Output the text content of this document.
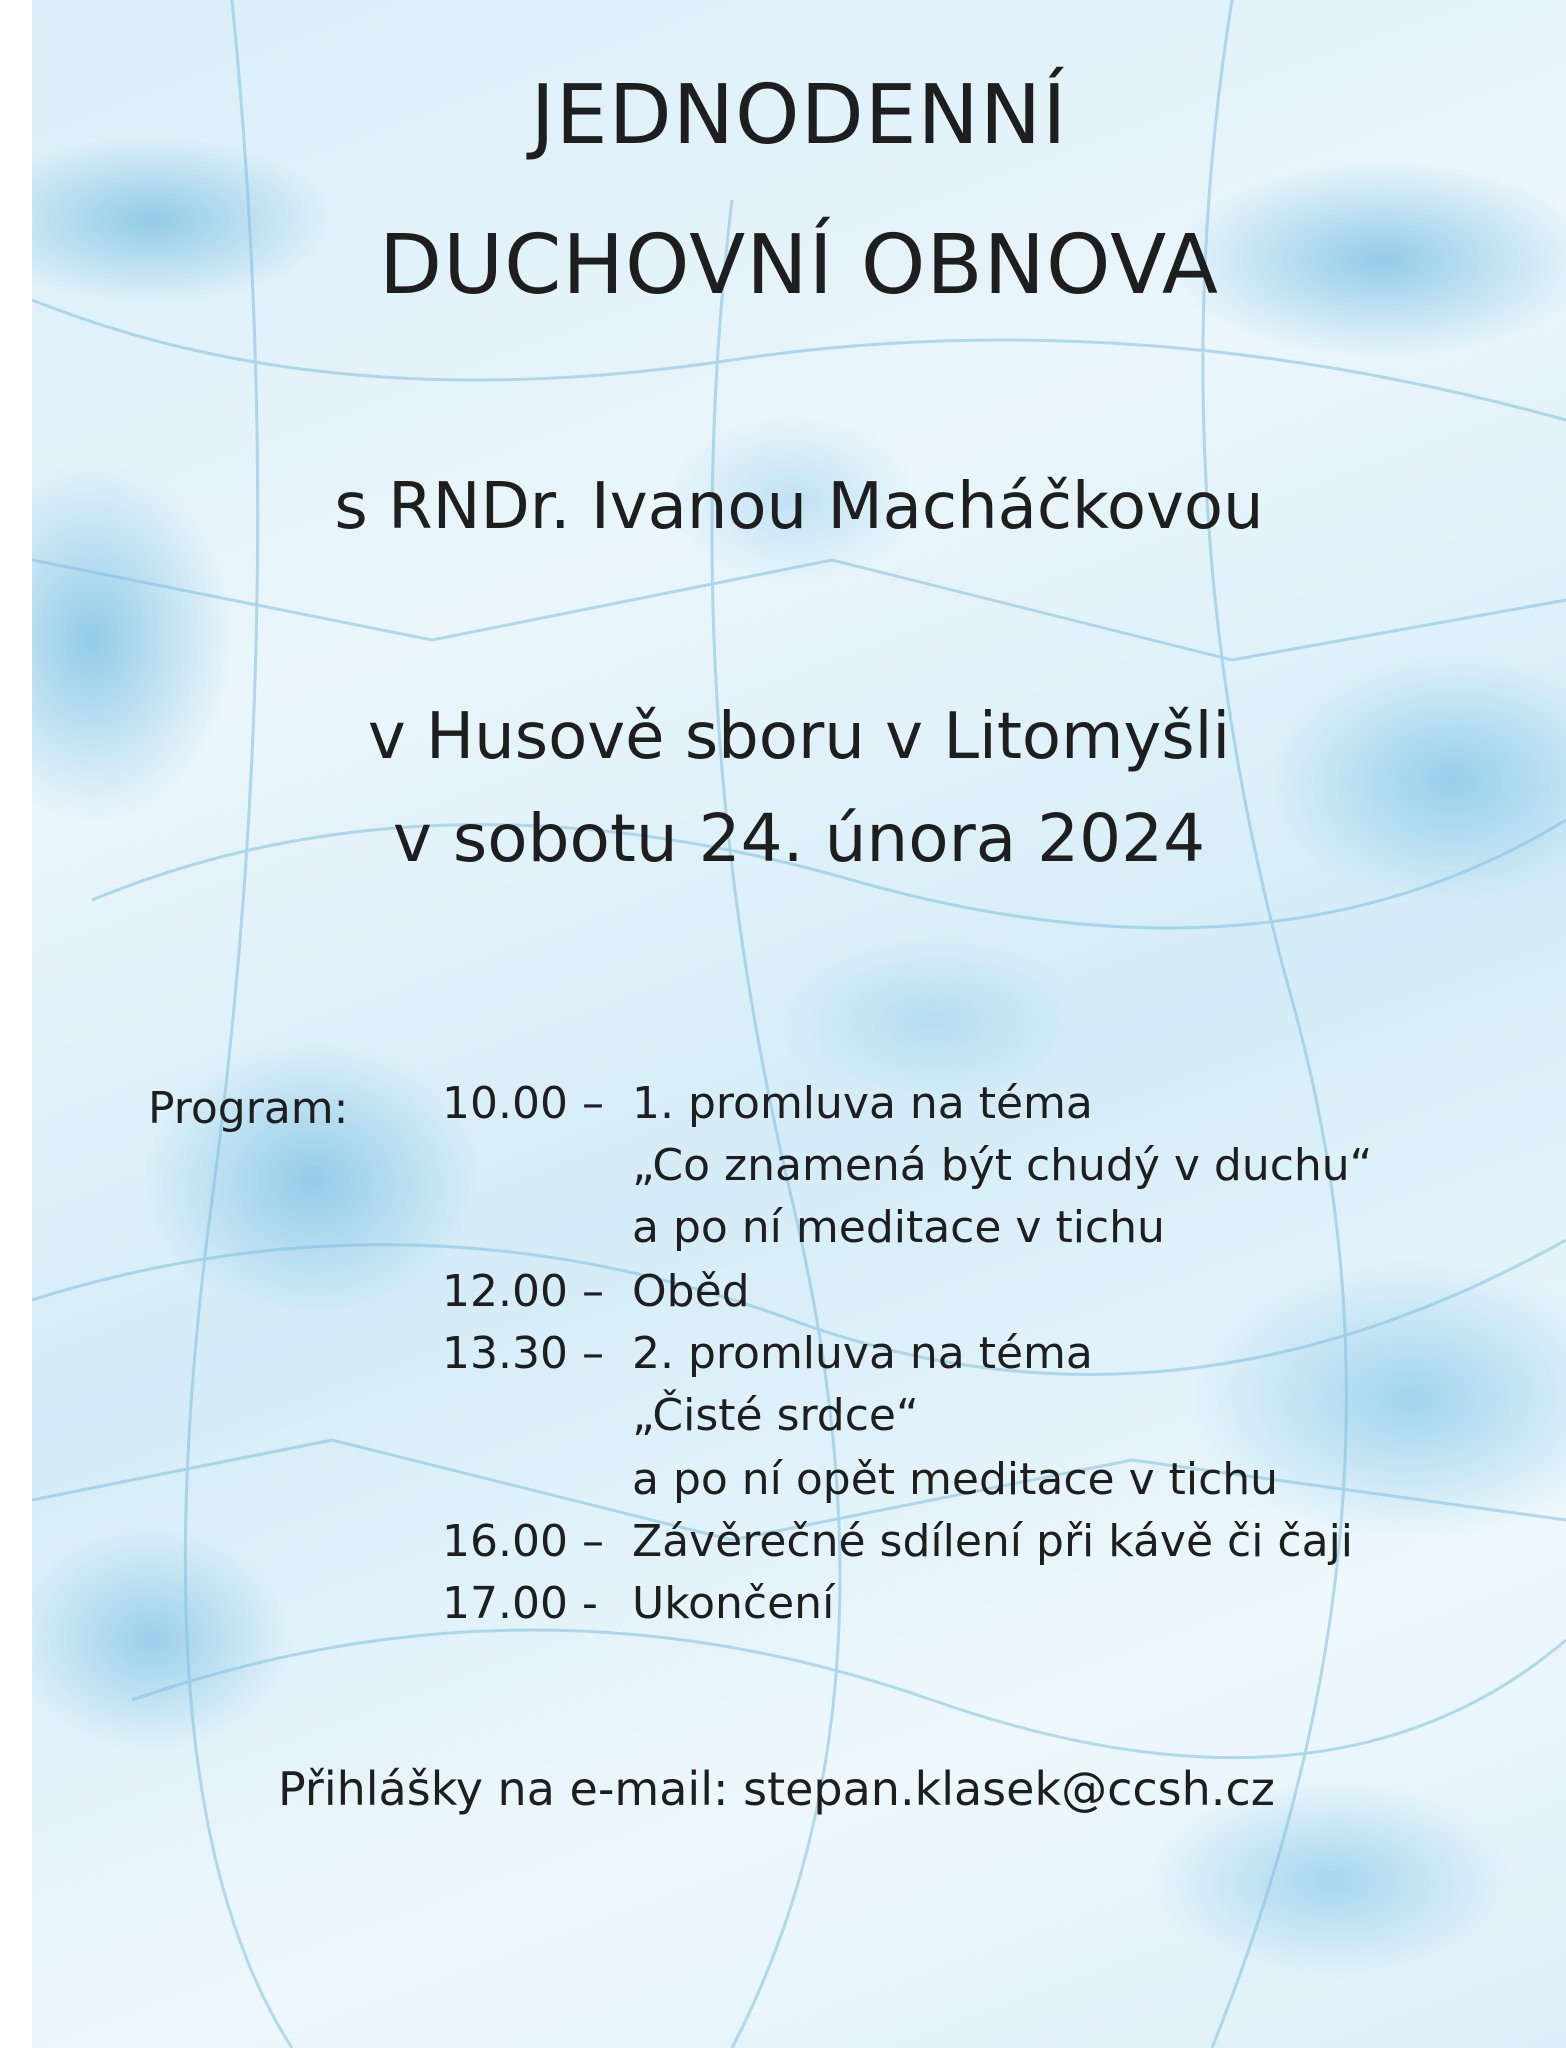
JEDNODENNÍ
DUCHOVNÍ OBNOVA
s RNDr. Ivanou Macháčkovou
v Husově sboru v Litomyšli
v sobotu 24. února 2024
Program: 10.00 – 1. promluva na téma
„Co znamená být chudý v duchu“
a po ní meditace v tichu
12.00 – Oběd
13.30 – 2. promluva na téma
„Čisté srdce“
a po ní opět meditace v tichu
16.00 – Závěrečné sdílení při kávě či čaji
17.00 - Ukončení
Přihlášky na e-mail: stepan.klasek@ccsh.cz
